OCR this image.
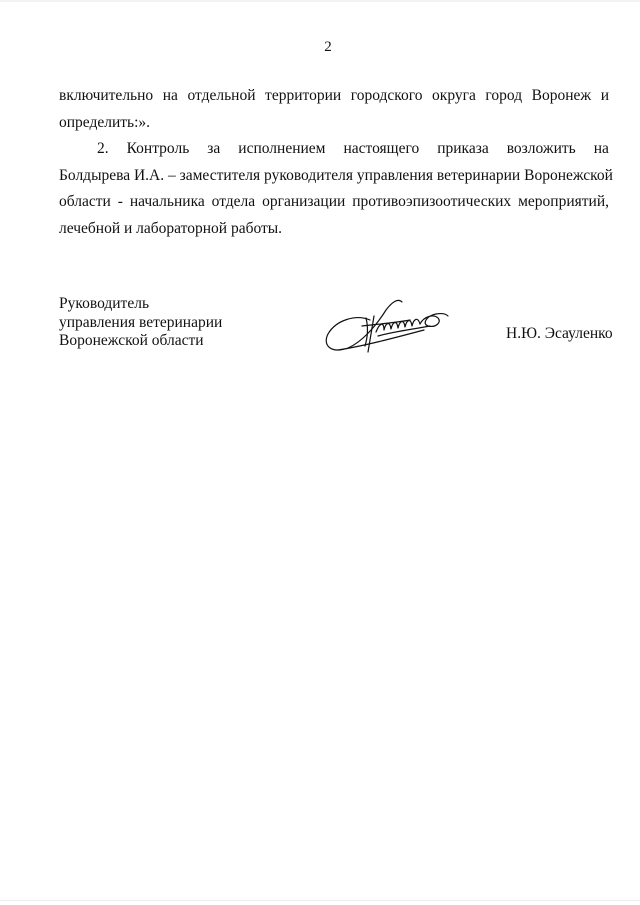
2
включительно на отдельной территории городского округа город Воронеж и
определить:».
2. Контроль за исполнением настоящего приказа возложить на
Болдырева И.А. – заместителя руководителя управления ветеринарии Воронежской
области - начальника отдела организации противоэпизоотических мероприятий,
лечебной и лабораторной работы.
Руководитель
управления ветеринарии
Воронежской области	Н.Ю. Эсауленко
